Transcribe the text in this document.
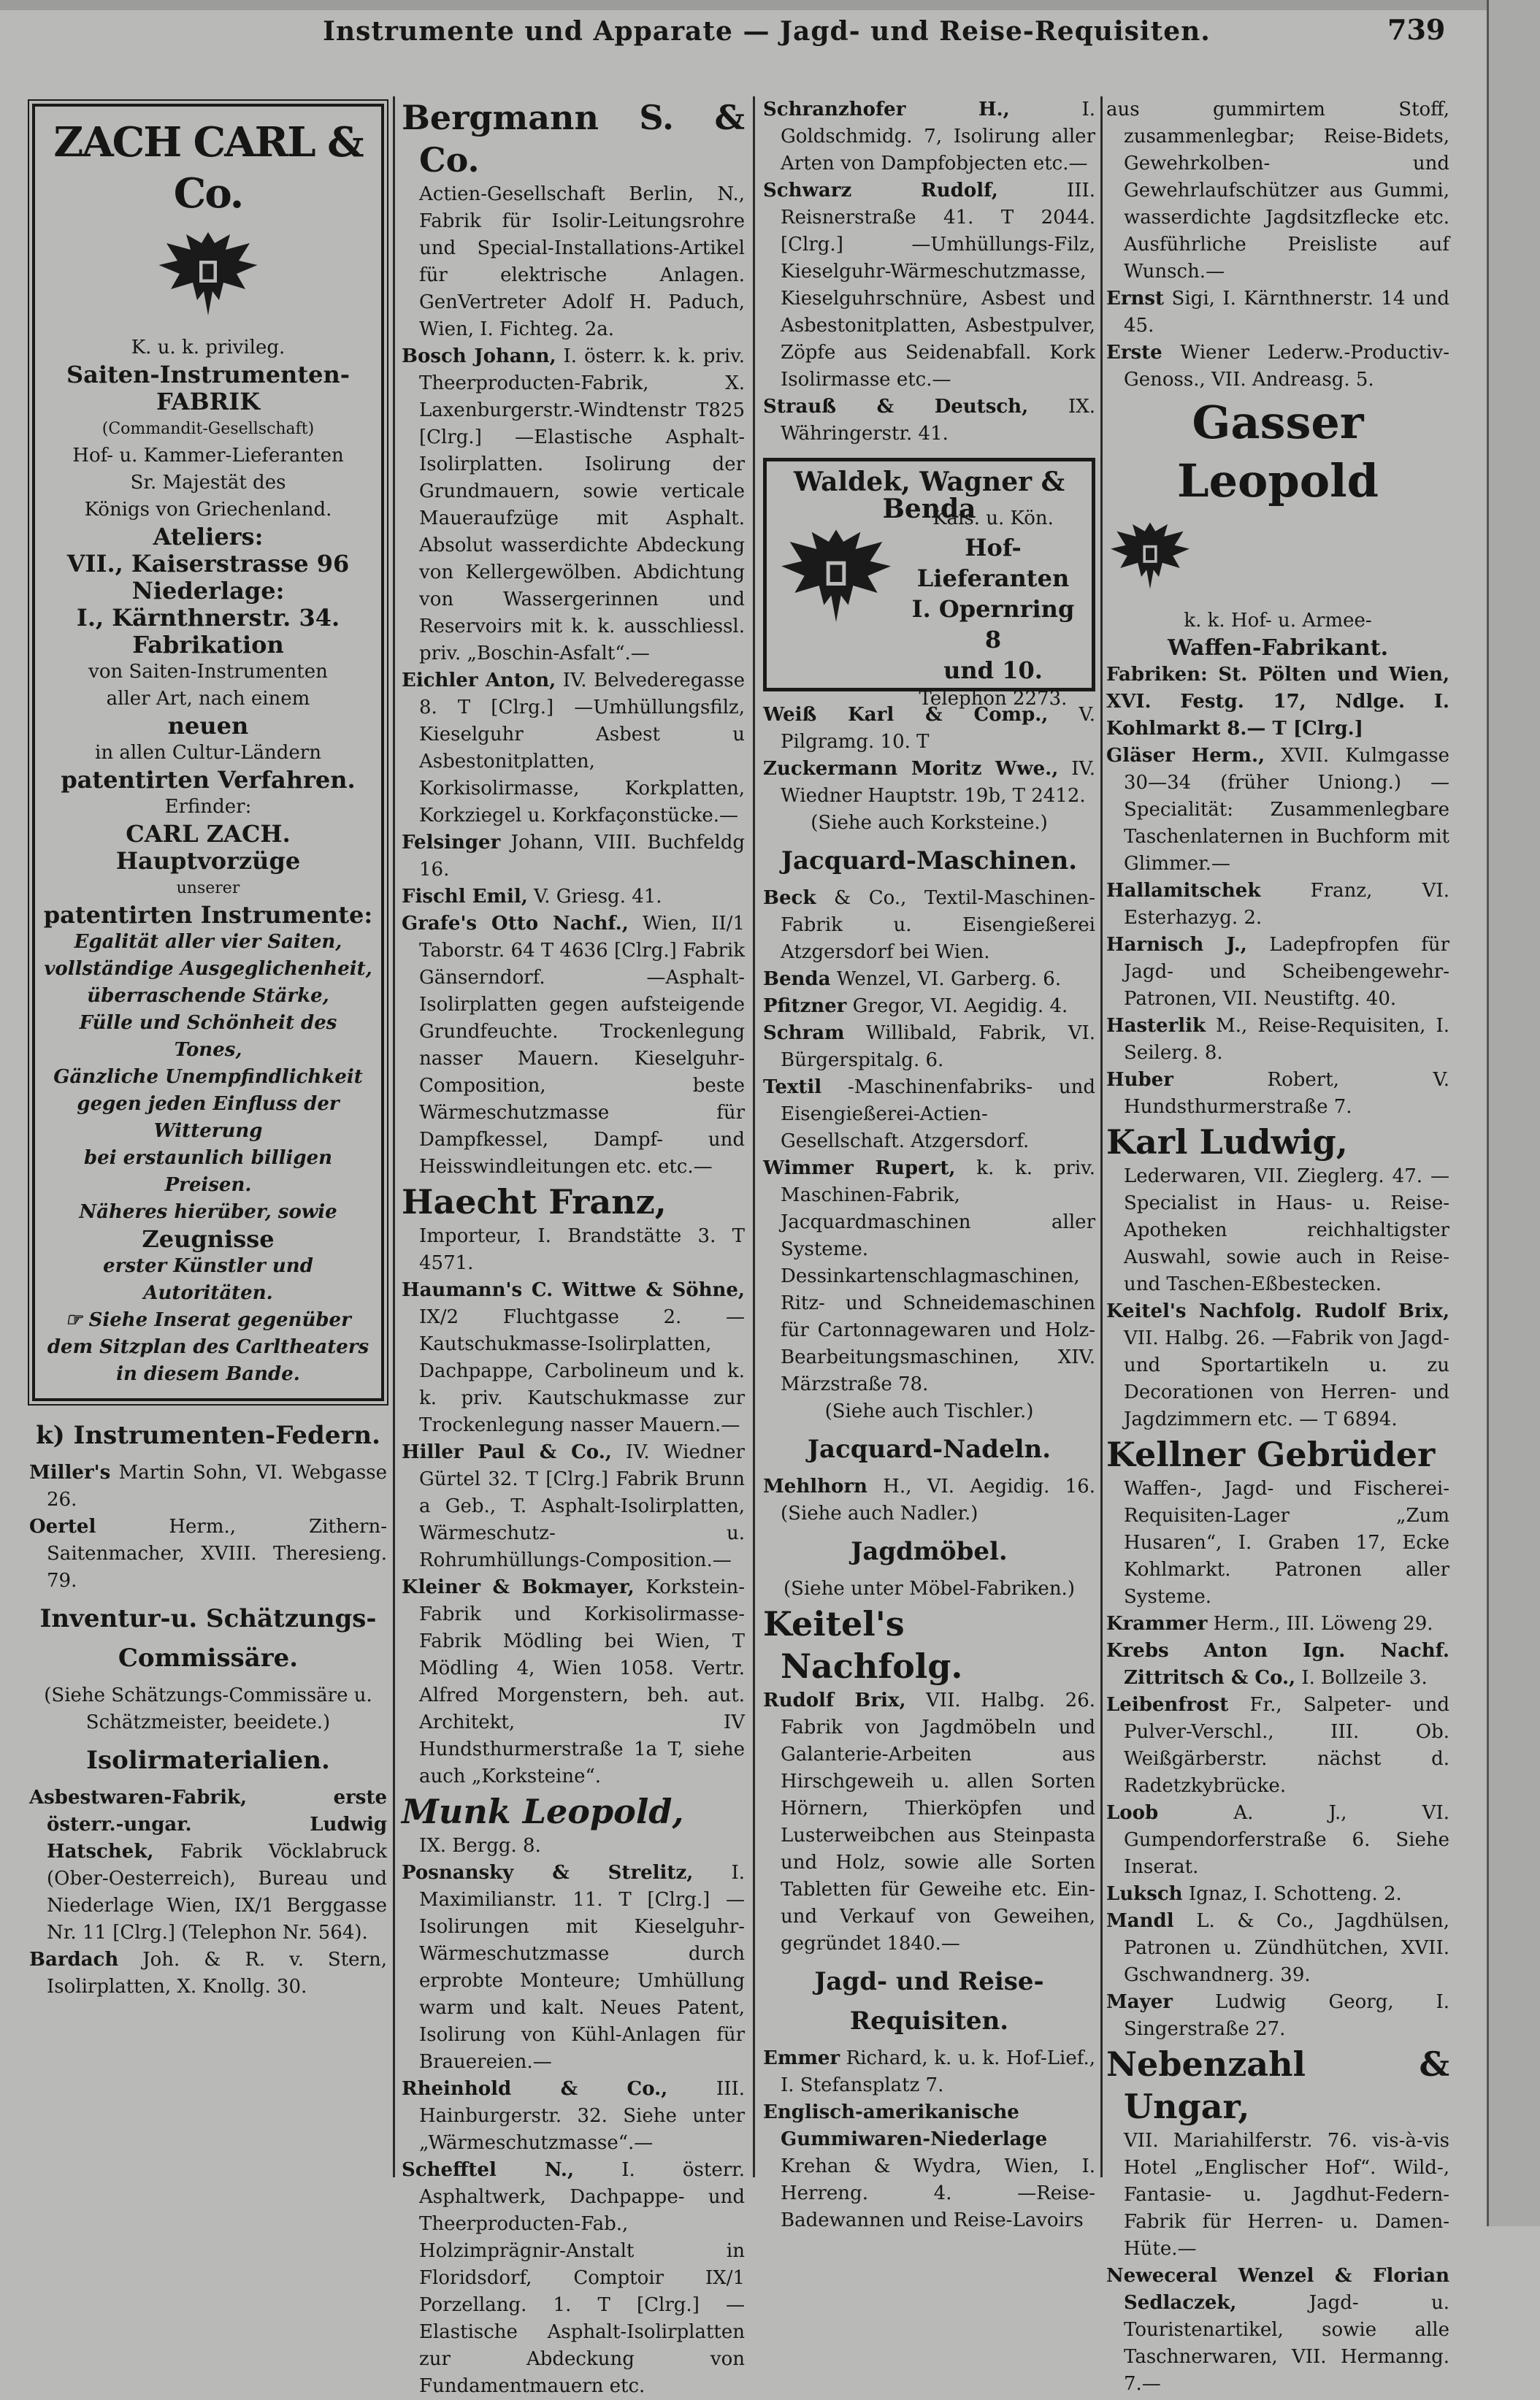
Instrumente und Apparate — Jagd- und Reise-Requisiten.	739
ZACH CARL & Co.
K. u. k. privileg.
Saiten-Instrumenten-
FABRIK
(Commandit-Gesellschaft)
Hof- u. Kammer-Lieferanten
Sr. Majestät des
Königs von Griechenland.
Ateliers:
VII., Kaiserstrasse 96
Niederlage:
I., Kärnthnerstr. 34.
Fabrikation
von Saiten-Instrumenten
aller Art, nach einem
neuen
in allen Cultur-Ländern
patentirten Verfahren.
Erfinder:
CARL ZACH.
Hauptvorzüge
unserer
patentirten Instrumente:
Egalität aller vier Saiten,
vollständige Ausgeglichenheit,
überraschende Stärke,
Fülle und Schönheit des Tones,
Gänzliche Unempfindlichkeit
gegen jeden Einfluss der
Witterung
bei erstaunlich billigen Preisen.
Näheres hierüber, sowie
Zeugnisse
erster Künstler und Autoritäten.
☞ Siehe Inserat gegenüber dem Sitzplan des Carltheaters in diesem Bande.
k) Instrumenten-Federn.

Miller's Martin Sohn, VI. Webgasse 26.

Oertel	Herm., Zithern-Saitenmacher, XVIII. Theresieng. 79.

Inventur-u. Schätzungs-Commissäre.
(Siehe Schätzungs-Commissäre u. Schätzmeister, beeidete.)
Isolirmaterialien.

Asbestwaren-Fabrik, erste österr.-ungar. Ludwig Hatschek, Fabrik Vöcklabruck (Ober-Oesterreich), Bureau und Niederlage Wien, IX/1 Berggasse Nr. 11 [Clrg.] (Telephon Nr. 564).

Bardach Joh. & R. v. Stern, Isolirplatten, X. Knollg. 30.

Bergmann S. & Co.
Actien-Gesellschaft Berlin, N., Fabrik für Isolir-Leitungsrohre und Special-Installations-Artikel für elektrische Anlagen. GenVertreter Adolf H. Paduch, Wien, I. Fichteg. 2a.

Bosch Johann, I. österr. k. k. priv. Theerproducten-Fabrik, X. Laxenburgerstr.-Windtenstr T825 [Clrg.] —Elastische Asphalt-Isolirplatten. Isolirung der Grundmauern, sowie verticale Maueraufzüge mit Asphalt. Absolut wasserdichte Abdeckung von Kellergewölben. Abdichtung von Wassergerinnen und Reservoirs mit k. k. ausschliessl. priv. „Boschin-Asfalt“.—

Eichler Anton, IV. Belvederegasse 8. T [Clrg.] —Umhüllungsfilz, Kieselguhr Asbest u Asbestonitplatten, Korkisolirmasse, Korkplatten, Korkziegel u. Korkfaçonstücke.—

Felsinger Johann, VIII. Buchfeldg 16.

Fischl Emil, V. Griesg. 41.

Grafe's Otto Nachf., Wien, II/1 Taborstr. 64 T 4636 [Clrg.] Fabrik Gänserndorf. —Asphalt-Isolirplatten gegen aufsteigende Grundfeuchte. Trockenlegung nasser Mauern. Kieselguhr-Composition, beste Wärmeschutzmasse für Dampfkessel, Dampf- und Heisswindleitungen etc. etc.—

Haecht Franz,
Importeur, I. Brandstätte 3. T 4571.

Haumann's C. Wittwe & Söhne, IX/2 Fluchtgasse 2. —Kautschukmasse-Isolirplatten, Dachpappe, Carbolineum und k. k. priv. Kautschukmasse zur Trockenlegung nasser Mauern.—

Hiller Paul & Co., IV. Wiedner Gürtel 32. T [Clrg.] Fabrik Brunn a Geb., T. Asphalt-Isolirplatten, Wärmeschutz- u. Rohrumhüllungs-Composition.—

Kleiner & Bokmayer, Korkstein-Fabrik und Korkisolirmasse-Fabrik Mödling bei Wien, T Mödling 4, Wien 1058. Vertr. Alfred Morgenstern, beh. aut. Architekt, IV Hundsthurmerstraße 1a T, siehe auch „Korksteine“.

Munk Leopold,
IX. Bergg. 8.

Posnansky & Strelitz, I. Maximilianstr. 11. T [Clrg.] —Isolirungen mit Kieselguhr-Wärmeschutzmasse durch erprobte Monteure; Umhüllung warm und kalt. Neues Patent, Isolirung von Kühl-Anlagen für Brauereien.—

Rheinhold & Co.,	III. Hainburgerstr. 32. Siehe unter „Wärmeschutzmasse“.—

Schefftel N.,	I. österr. Asphaltwerk, Dachpappe- und Theerproducten-Fab., Holzimprägnir-Anstalt in Floridsdorf, Comptoir IX/1 Porzellang. 1. T [Clrg.] —Elastische Asphalt-Isolirplatten zur Abdeckung von Fundamentmauern etc.

Schranzhofer H.,	I. Goldschmidg. 7, Isolirung aller Arten von Dampfobjecten etc.—

Schwarz Rudolf,	III. Reisnerstraße 41. T 2044. [Clrg.] —Umhüllungs-Filz, Kieselguhr-Wärmeschutzmasse, Kieselguhrschnüre, Asbest und Asbestonitplatten, Asbestpulver, Zöpfe aus Seidenabfall. Kork Isolirmasse etc.—

Strauß & Deutsch, IX. Währingerstr. 41.

Waldek, Wagner & Benda
Kais. u. Kön.
Hof-Lieferanten
I. Opernring 8
und 10.
Telephon 2273.

Weiß Karl & Comp., V. Pilgramg. 10. T

Zuckermann Moritz Wwe., IV. Wiedner Hauptstr. 19b, T 2412.

(Siehe auch Korksteine.)
Jacquard-Maschinen.

Beck & Co., Textil-Maschinen-Fabrik u. Eisengießerei Atzgersdorf bei Wien.

Benda Wenzel, VI. Garberg. 6.

Pfitzner Gregor, VI. Aegidig. 4.

Schram Willibald, Fabrik, VI. Bürgerspitalg. 6.

Textil -Maschinenfabriks- und Eisengießerei-Actien-Gesellschaft. Atzgersdorf.

Wimmer Rupert, k. k. priv. Maschinen-Fabrik, Jacquardmaschinen aller Systeme. Dessinkartenschlagmaschinen, Ritz- und Schneidemaschinen für Cartonnagewaren und Holz-Bearbeitungsmaschinen, XIV. Märzstraße 78.

(Siehe auch Tischler.)
Jacquard-Nadeln.

Mehlhorn H., VI. Aegidig. 16. (Siehe auch Nadler.)

Jagdmöbel.
(Siehe unter Möbel-Fabriken.)

Keitel's Nachfolg.

Rudolf Brix, VII. Halbg. 26. Fabrik von Jagdmöbeln und Galanterie-Arbeiten aus Hirschgeweih u. allen Sorten Hörnern, Thierköpfen und Lusterweibchen aus Steinpasta und Holz, sowie alle Sorten Tabletten für Geweihe etc. Ein- und Verkauf von Geweihen, gegründet 1840.—

Jagd- und Reise-Requisiten.

Emmer Richard, k. u. k. Hof-Lief., I. Stefansplatz 7.

Englisch-amerikanische Gummiwaren-Niederlage Krehan & Wydra, Wien, I. Herreng. 4. —Reise-Badewannen und Reise-Lavoirs

aus gummirtem Stoff, zusammenlegbar; Reise-Bidets, Gewehrkolben- und Gewehrlaufschützer aus Gummi, wasserdichte Jagdsitzflecke etc. Ausführliche Preisliste auf Wunsch.—

Ernst Sigi, I. Kärnthnerstr. 14 und 45.

Erste Wiener Lederw.-Productiv-Genoss., VII. Andreasg. 5.

Gasser Leopold
k. k. Hof- u. Armee-
Waffen-Fabrikant.
Fabriken: St. Pölten und Wien, XVI. Festg. 17, Ndlge. I. Kohlmarkt 8.— T [Clrg.]

Gläser Herm., XVII. Kulmgasse 30—34 (früher Uniong.) —Specialität: Zusammenlegbare Taschenlaternen in Buchform mit Glimmer.—

Hallamitschek	Franz, VI. Esterhazyg. 2.

Harnisch J., Ladepfropfen für Jagd- und Scheibengewehr-Patronen, VII. Neustiftg. 40.

Hasterlik M., Reise-Requisiten, I. Seilerg. 8.

Huber	Robert, V. Hundsthurmerstraße 7.

Karl Ludwig,
Lederwaren, VII. Zieglerg. 47. —Specialist in Haus- u. Reise-Apotheken reichhaltigster Auswahl, sowie auch in Reise- und Taschen-Eßbestecken.

Keitel's Nachfolg. Rudolf Brix, VII. Halbg. 26. —Fabrik von Jagd- und Sportartikeln u. zu Decorationen von Herren- und Jagdzimmern etc. — T 6894.

Kellner Gebrüder
Waffen-, Jagd- und Fischerei-Requisiten-Lager „Zum Husaren“, I. Graben 17, Ecke Kohlmarkt. Patronen aller Systeme.

Krammer Herm., III. Löweng 29.

Krebs Anton Ign. Nachf. Zittritsch & Co., I. Bollzeile 3.

Leibenfrost Fr., Salpeter- und Pulver-Verschl., III. Ob. Weißgärberstr. nächst d. Radetzkybrücke.

Loob	A. J., VI. Gumpendorferstraße 6. Siehe Inserat.

Luksch Ignaz, I. Schotteng. 2.

Mandl L. & Co., Jagdhülsen, Patronen u. Zündhütchen, XVII. Gschwandnerg. 39.

Mayer Ludwig Georg, I. Singerstraße 27.

Nebenzahl & Ungar,
VII. Mariahilferstr. 76. vis-à-vis Hotel „Englischer Hof“. Wild-, Fantasie- u. Jagdhut-Federn-Fabrik für Herren- u. Damen-Hüte.—

Neweceral Wenzel & Florian Sedlaczek,	Jagd- u. Touristenartikel, sowie alle Taschnerwaren, VII. Hermanng. 7.—
